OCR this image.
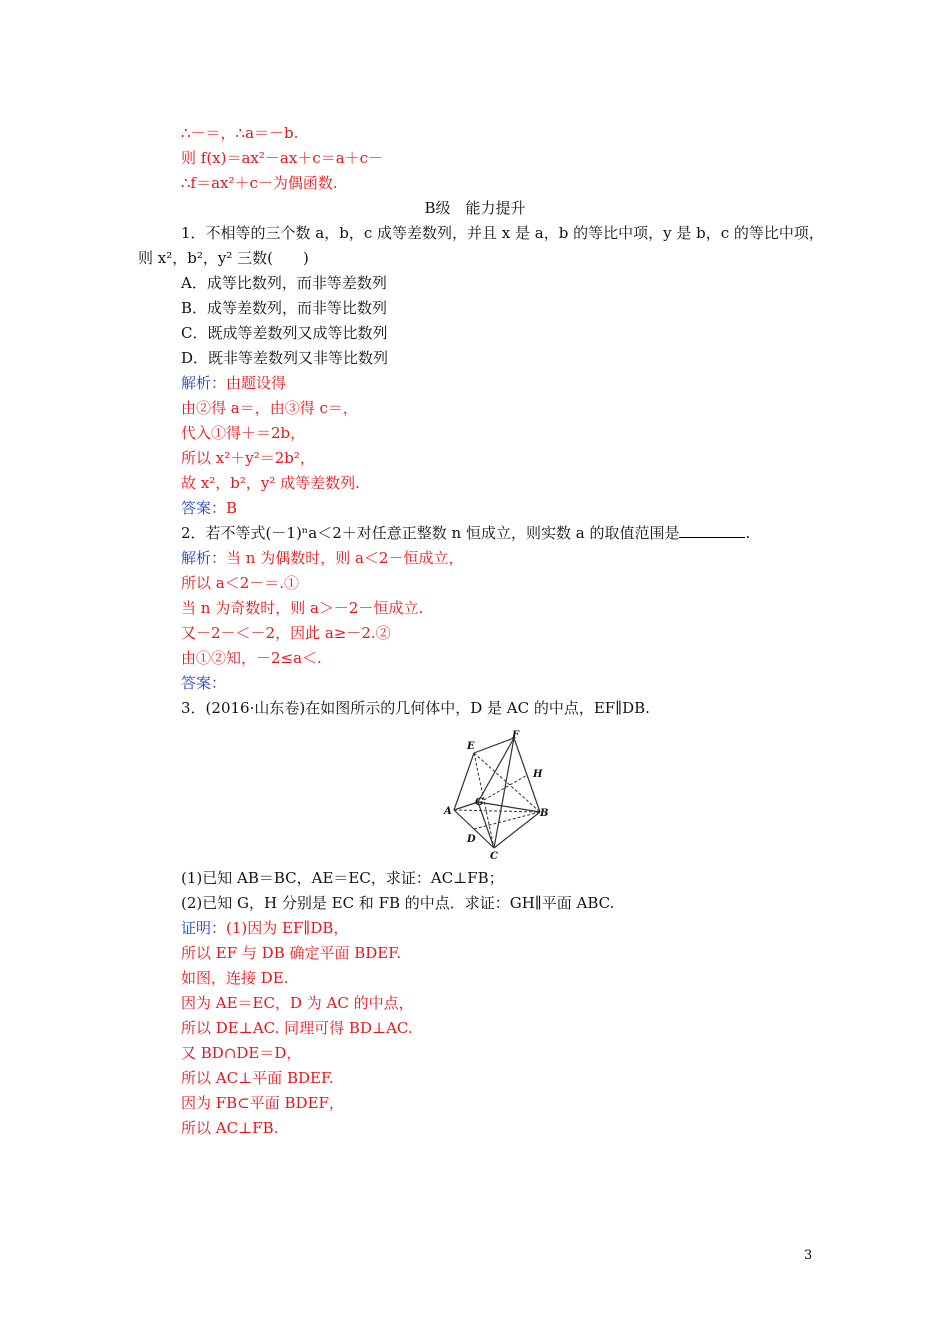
∴－＝，∴a＝－b.
则 f(x)＝ax²－ax＋c＝a＋c－
∴f＝ax²＋c－为偶函数.
B级　能力提升
1．不相等的三个数 a，b，c 成等差数列，并且 x 是 a，b 的等比中项，y 是 b，c 的等比中项，
则 x²，b²，y² 三数(　　)
A．成等比数列，而非等差数列
B．成等差数列，而非等比数列
C．既成等差数列又成等比数列
D．既非等差数列又非等比数列
解析：由题设得
由②得 a＝，由③得 c＝，
代入①得＋＝2b，
所以 x²＋y²＝2b²，
故 x²，b²，y² 成等差数列.
答案：B
2．若不等式(－1)ⁿa＜2＋对任意正整数 n 恒成立，则实数 a 的取值范围是	.
解析：当 n 为偶数时，则 a＜2－恒成立，
所以 a＜2－＝.①
当 n 为奇数时，则 a＞－2－恒成立.
又－2－＜－2，因此 a≥－2.②
由①②知，－2≤a＜.
答案：
3．(2016·山东卷)在如图所示的几何体中，D 是 AC 的中点，EF∥DB.
E
F
H
G
A	B
D
C
(1)已知 AB＝BC，AE＝EC，求证：AC⊥FB；
(2)已知 G，H 分别是 EC 和 FB 的中点．求证：GH∥平面 ABC.
证明：(1)因为 EF∥DB，
所以 EF 与 DB 确定平面 BDEF.
如图，连接 DE.
因为 AE＝EC，D 为 AC 的中点，
所以 DE⊥AC. 同理可得 BD⊥AC.
又 BD∩DE＝D，
所以 AC⊥平面 BDEF.
因为 FB⊂平面 BDEF，
所以 AC⊥FB.
3
